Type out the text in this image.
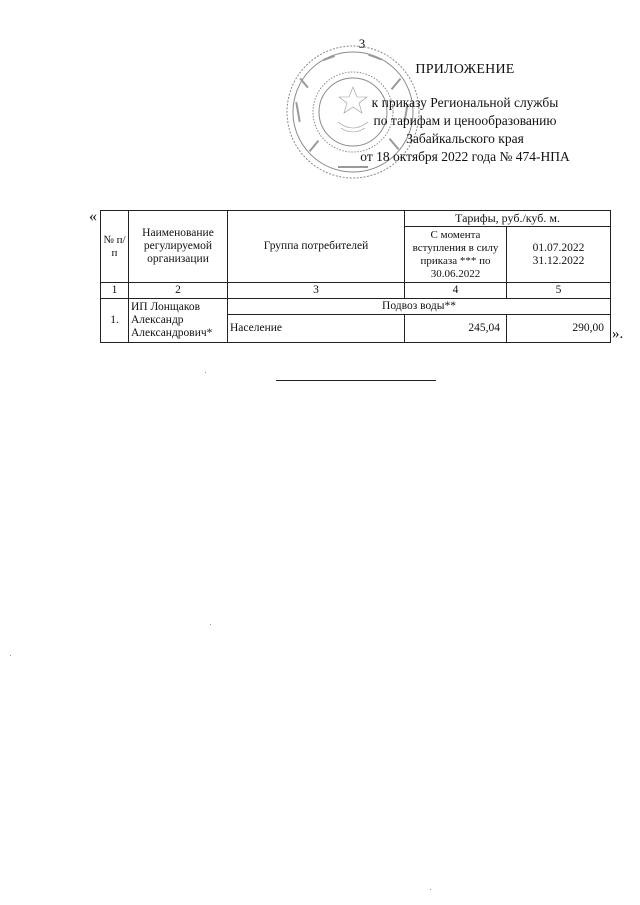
3
ПРИЛОЖЕНИЕ
к приказу Региональной службы
по тарифам и ценообразованию
Забайкальского края
от 18 октября 2022 года № 474-НПА
«
№ п/п	Наименование регулируемой организации	Группа потребителей	Тарифы, руб./куб. м.	
			С момента вступления в силу приказа *** по 30.06.2022	01.07.2022
31.12.2022

1	2	3	4	5
1.	ИП Лонщаков Александр Александрович*	Подвоз воды**		
		Население	245,04	290,00 ».
